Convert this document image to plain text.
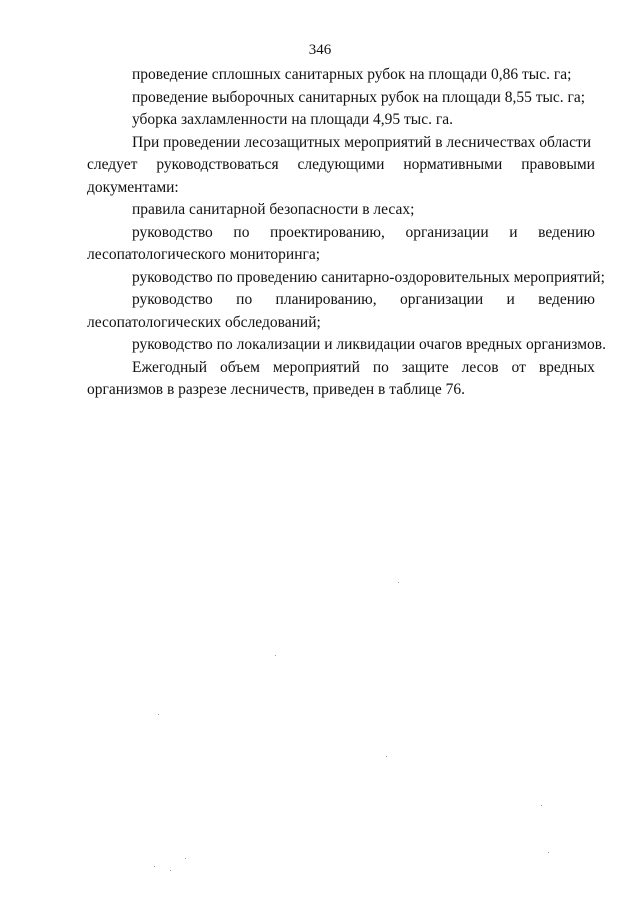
346
проведение сплошных санитарных рубок на площади 0,86 тыс. га;
проведение выборочных санитарных рубок на площади 8,55 тыс. га;
уборка захламленности на площади 4,95 тыс. га.
При проведении лесозащитных мероприятий в лесничествах области
следует руководствоваться следующими нормативными правовыми
документами:
правила санитарной безопасности в лесах;
руководство по проектированию, организации и ведению
лесопатологического мониторинга;
руководство по проведению санитарно-оздоровительных мероприятий;
руководство по планированию, организации и ведению
лесопатологических обследований;
руководство по локализации и ликвидации очагов вредных организмов.
Ежегодный объем мероприятий по защите лесов от вредных
организмов в разрезе лесничеств, приведен в таблице 76.
